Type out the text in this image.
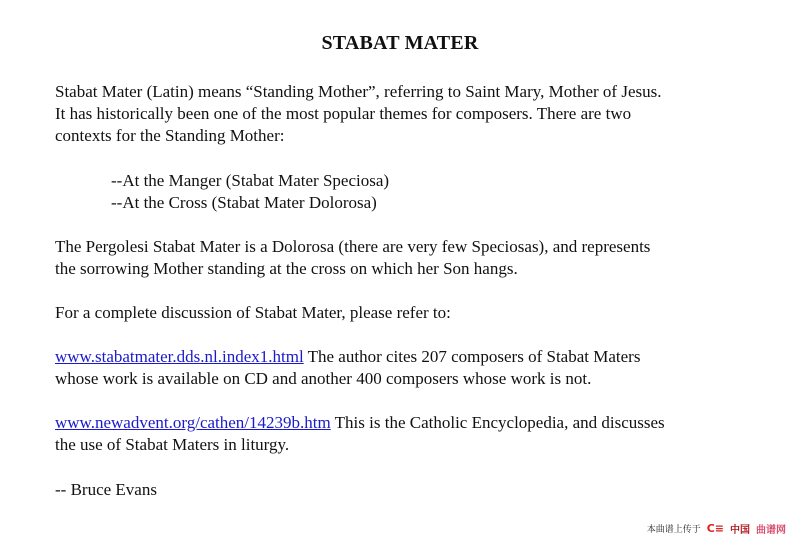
STABAT MATER
Stabat Mater (Latin) means “Standing Mother”, referring to Saint Mary, Mother of Jesus.
It has historically been one of the most popular themes for composers. There are two
contexts for the Standing Mother:
--At the Manger (Stabat Mater Speciosa)
--At the Cross (Stabat Mater Dolorosa)
The Pergolesi Stabat Mater is a Dolorosa (there are very few Speciosas), and represents
the sorrowing Mother standing at the cross on which her Son hangs.
For a complete discussion of Stabat Mater, please refer to:
www.stabatmater.dds.nl.index1.html The author cites 207 composers of Stabat Maters
whose work is available on CD and another 400 composers whose work is not.
www.newadvent.org/cathen/14239b.htm This is the Catholic Encyclopedia, and discusses
the use of Stabat Maters in liturgy.
-- Bruce Evans
本曲谱上传于 C≡ 中国 曲谱网
